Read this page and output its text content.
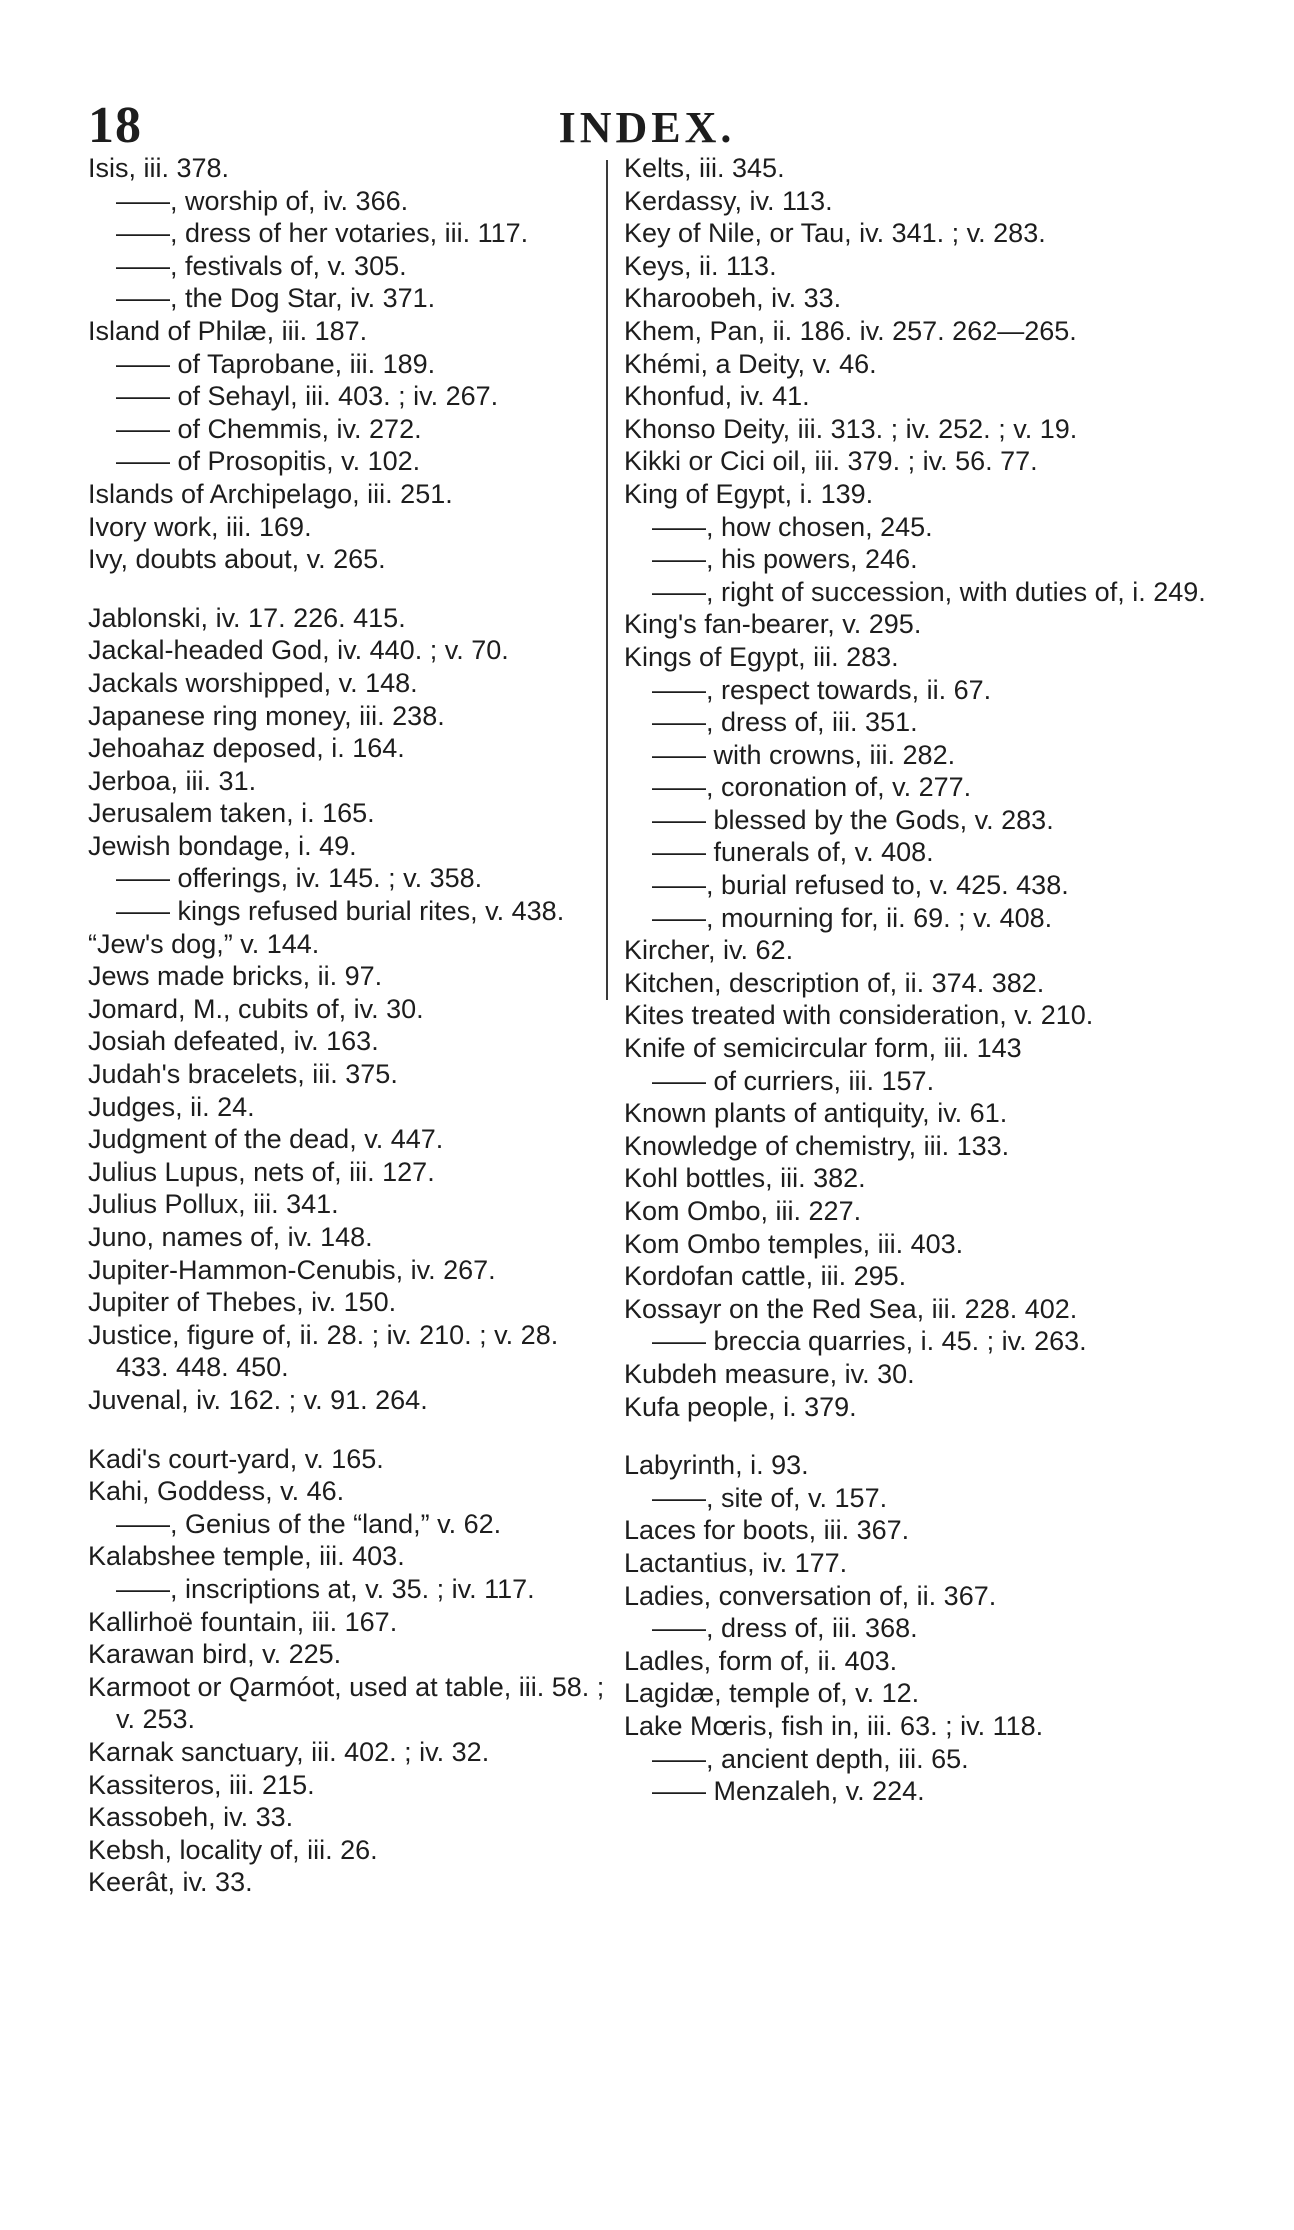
18	INDEX.
Isis, iii. 378.
——, worship of, iv. 366.
——, dress of her votaries, iii. 117.
——, festivals of, v. 305.
——, the Dog Star, iv. 371.
Island of Philæ, iii. 187.
—— of Taprobane, iii. 189.
—— of Sehayl, iii. 403. ; iv. 267.
—— of Chemmis, iv. 272.
—— of Prosopitis, v. 102.
Islands of Archipelago, iii. 251.
Ivory work, iii. 169.
Ivy, doubts about, v. 265.
Jablonski, iv. 17. 226. 415.
Jackal-headed God, iv. 440. ; v. 70.
Jackals worshipped, v. 148.
Japanese ring money, iii. 238.
Jehoahaz deposed, i. 164.
Jerboa, iii. 31.
Jerusalem taken, i. 165.
Jewish bondage, i. 49.
—— offerings, iv. 145. ; v. 358.
—— kings refused burial rites, v. 438.
“Jew's dog,” v. 144.
Jews made bricks, ii. 97.
Jomard, M., cubits of, iv. 30.
Josiah defeated, iv. 163.
Judah's bracelets, iii. 375.
Judges, ii. 24.
Judgment of the dead, v. 447.
Julius Lupus, nets of, iii. 127.
Julius Pollux, iii. 341.
Juno, names of, iv. 148.
Jupiter-Hammon-Cenubis, iv. 267.
Jupiter of Thebes, iv. 150.
Justice, figure of, ii. 28. ; iv. 210. ; v. 28. 433. 448. 450.
Juvenal, iv. 162. ; v. 91. 264.
Kadi's court-yard, v. 165.
Kahi, Goddess, v. 46.
——, Genius of the “land,” v. 62.
Kalabshee temple, iii. 403.
——, inscriptions at, v. 35. ; iv. 117.
Kallirhoë fountain, iii. 167.
Karawan bird, v. 225.
Karmoot or Qarmóot, used at table, iii. 58. ; v. 253.
Karnak sanctuary, iii. 402. ; iv. 32.
Kassiteros, iii. 215.
Kassobeh, iv. 33.
Kebsh, locality of, iii. 26.
Keerât, iv. 33.
Kelts, iii. 345.
Kerdassy, iv. 113.
Key of Nile, or Tau, iv. 341. ; v. 283.
Keys, ii. 113.
Kharoobeh, iv. 33.
Khem, Pan, ii. 186. iv. 257. 262—265.
Khémi, a Deity, v. 46.
Khonfud, iv. 41.
Khonso Deity, iii. 313. ; iv. 252. ; v. 19.
Kikki or Cici oil, iii. 379. ; iv. 56. 77.
King of Egypt, i. 139.
——, how chosen, 245.
——, his powers, 246.
——, right of succession, with duties of, i. 249.
King's fan-bearer, v. 295.
Kings of Egypt, iii. 283.
——, respect towards, ii. 67.
——, dress of, iii. 351.
—— with crowns, iii. 282.
——, coronation of, v. 277.
—— blessed by the Gods, v. 283.
—— funerals of, v. 408.
——, burial refused to, v. 425. 438.
——, mourning for, ii. 69. ; v. 408.
Kircher, iv. 62.
Kitchen, description of, ii. 374. 382.
Kites treated with consideration, v. 210.
Knife of semicircular form, iii. 143
—— of curriers, iii. 157.
Known plants of antiquity, iv. 61.
Knowledge of chemistry, iii. 133.
Kohl bottles, iii. 382.
Kom Ombo, iii. 227.
Kom Ombo temples, iii. 403.
Kordofan cattle, iii. 295.
Kossayr on the Red Sea, iii. 228. 402.
—— breccia quarries, i. 45. ; iv. 263.
Kubdeh measure, iv. 30.
Kufa people, i. 379.
Labyrinth, i. 93.
——, site of, v. 157.
Laces for boots, iii. 367.
Lactantius, iv. 177.
Ladies, conversation of, ii. 367.
——, dress of, iii. 368.
Ladles, form of, ii. 403.
Lagidæ, temple of, v. 12.
Lake Mœris, fish in, iii. 63. ; iv. 118.
——, ancient depth, iii. 65.
—— Menzaleh, v. 224.
